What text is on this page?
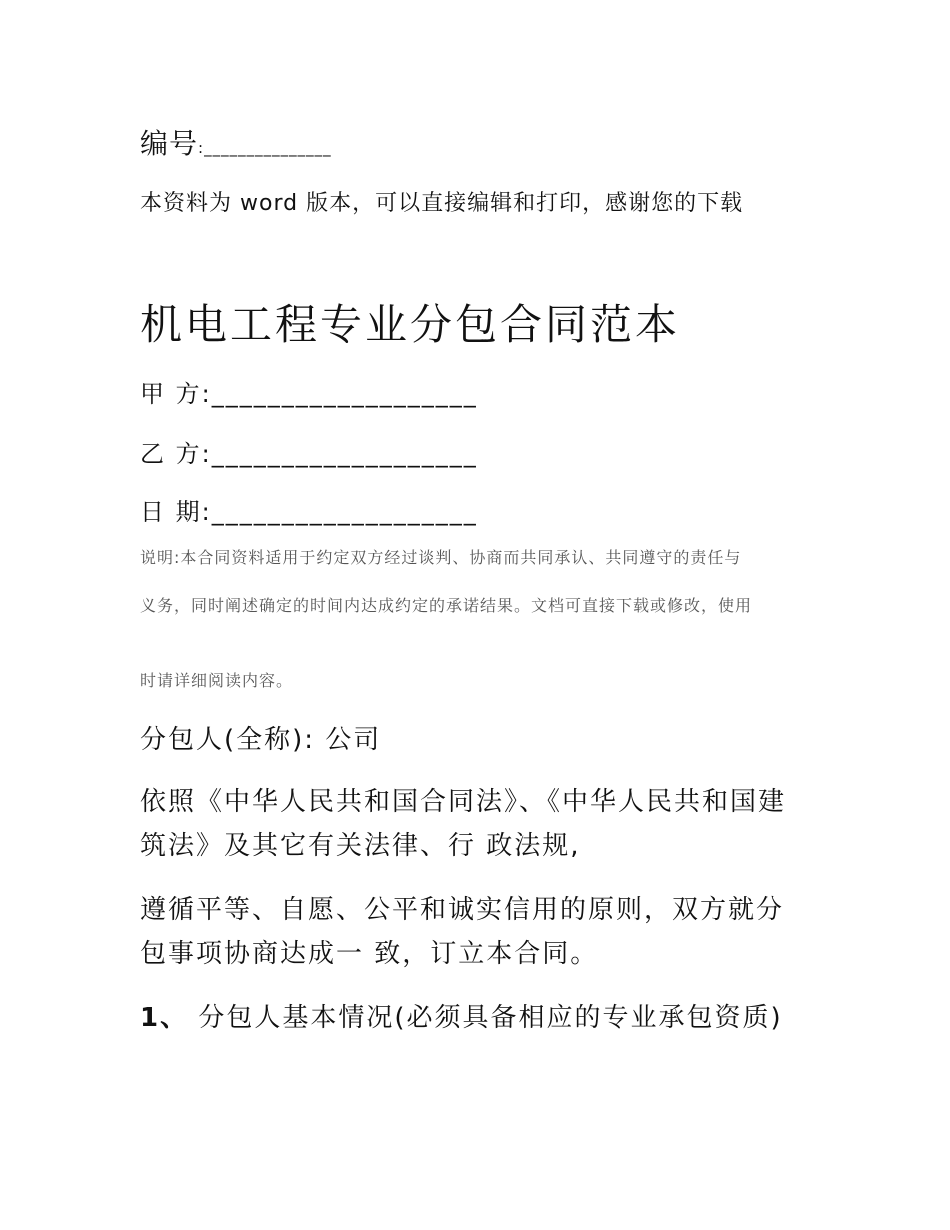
编号:_______________
本资料为 word 版本，可以直接编辑和打印，感谢您的下载
机电工程专业分包合同范本
甲 方:___________________
乙 方:___________________
日 期:___________________
说明:本合同资料适用于约定双方经过谈判、协商而共同承认、共同遵守的责任与
义务，同时阐述确定的时间内达成约定的承诺结果。文档可直接下载或修改，使用
时请详细阅读内容。
分包人(全称): 公司
依照《中华人民共和国合同法》、《中华人民共和国建筑法》及其它有关法律、行 政法规,
遵循平等、自愿、公平和诚实信用的原则，双方就分包事项协商达成一 致，订立本合同。
1、 分包人基本情况(必须具备相应的专业承包资质)
